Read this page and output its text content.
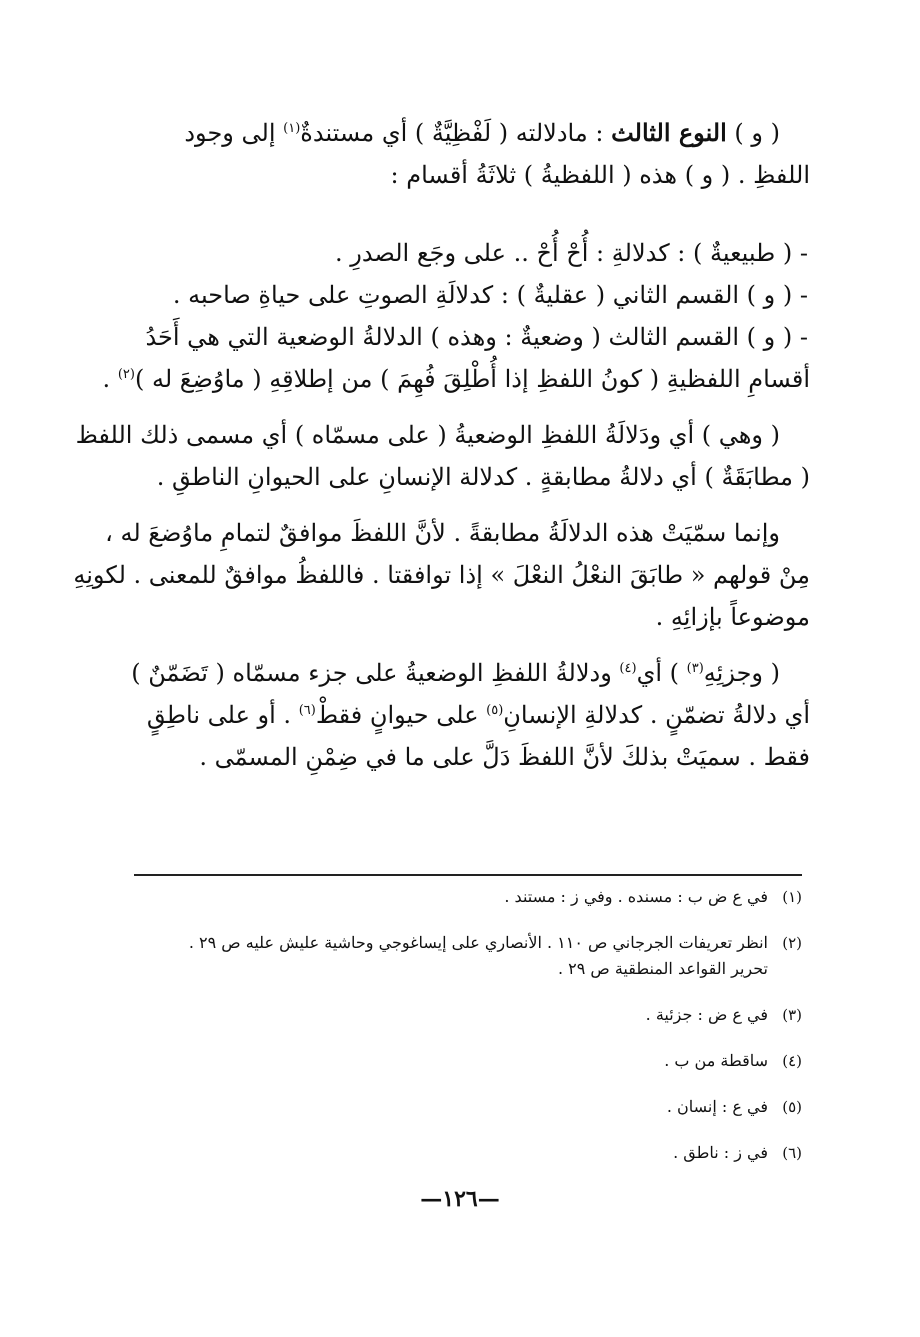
( و ) النوع الثالث : مادلالته ( لَفْظِيَّةٌ ) أي مستندةٌ$^{(١)}$ إلى وجود
اللفظِ . ( و ) هذه ( اللفظيةُ ) ثلاثَةُ أقسام :
- ( طبيعيةٌ ) : كدلالةِ : أُحْ أُحْ .. على وجَع الصدرِ .
- ( و ) القسم الثاني ( عقليةٌ ) : كدلالَةِ الصوتِ على حياةِ صاحبه .
- ( و ) القسم الثالث ( وضعيةٌ : وهذه ) الدلالةُ الوضعية التي هي أَحَدُ
أقسامِ اللفظيةِ ( كونُ اللفظِ إذا أُطْلِقَ فُهِمَ ) من إطلاقِهِ ( ماوُضِعَ له )$^{(٢)}$ .
( وهي ) أي ودَلالَةُ اللفظِ الوضعيةُ ( على مسمّاه ) أي مسمى ذلك اللفظ
( مطابَقَةٌ ) أي دلالةُ مطابقةٍ . كدلالة الإنسانِ على الحيوانِ الناطقِ .
وإنما سمّيَتْ هذه الدلالَةُ مطابقةً . لأنَّ اللفظَ موافقٌ لتمامِ ماوُضعَ له ،
مِنْ قولهم « طابَقَ النعْلُ النعْلَ » إذا توافقتا . فاللفظُ موافقٌ للمعنى . لكونِهِ
موضوعاً بإزائِهِ .
( وجزئِهِ$^{(٣)}$ ) أي$^{(٤)}$ ودلالةُ اللفظِ الوضعيةُ على جزء مسمّاه ( تَضَمّنٌ )
أي دلالةُ تضمّنٍ . كدلالةِ الإنسانِ$^{(٥)}$ على حيوانٍ فقطْ$^{(٦)}$ . أو على ناطِقٍ
فقط . سميَتْ بذلكَ لأنَّ اللفظَ دَلَّ على ما في ضِمْنِ المسمّى .
(١)
في ع ض ب : مسنده . وفي ز : مستند .
(٢)
انظر تعريفات الجرجاني ص ١١٠ . الأنصاري على إيساغوجي وحاشية عليش عليه ص ٢٩ .
تحرير القواعد المنطقية ص ٢٩ .
(٣)
في ع ض : جزئية .
(٤)
ساقطة من ب .
(٥)
في ع : إنسان .
(٦)
في ز : ناطق .
—١٢٦—
